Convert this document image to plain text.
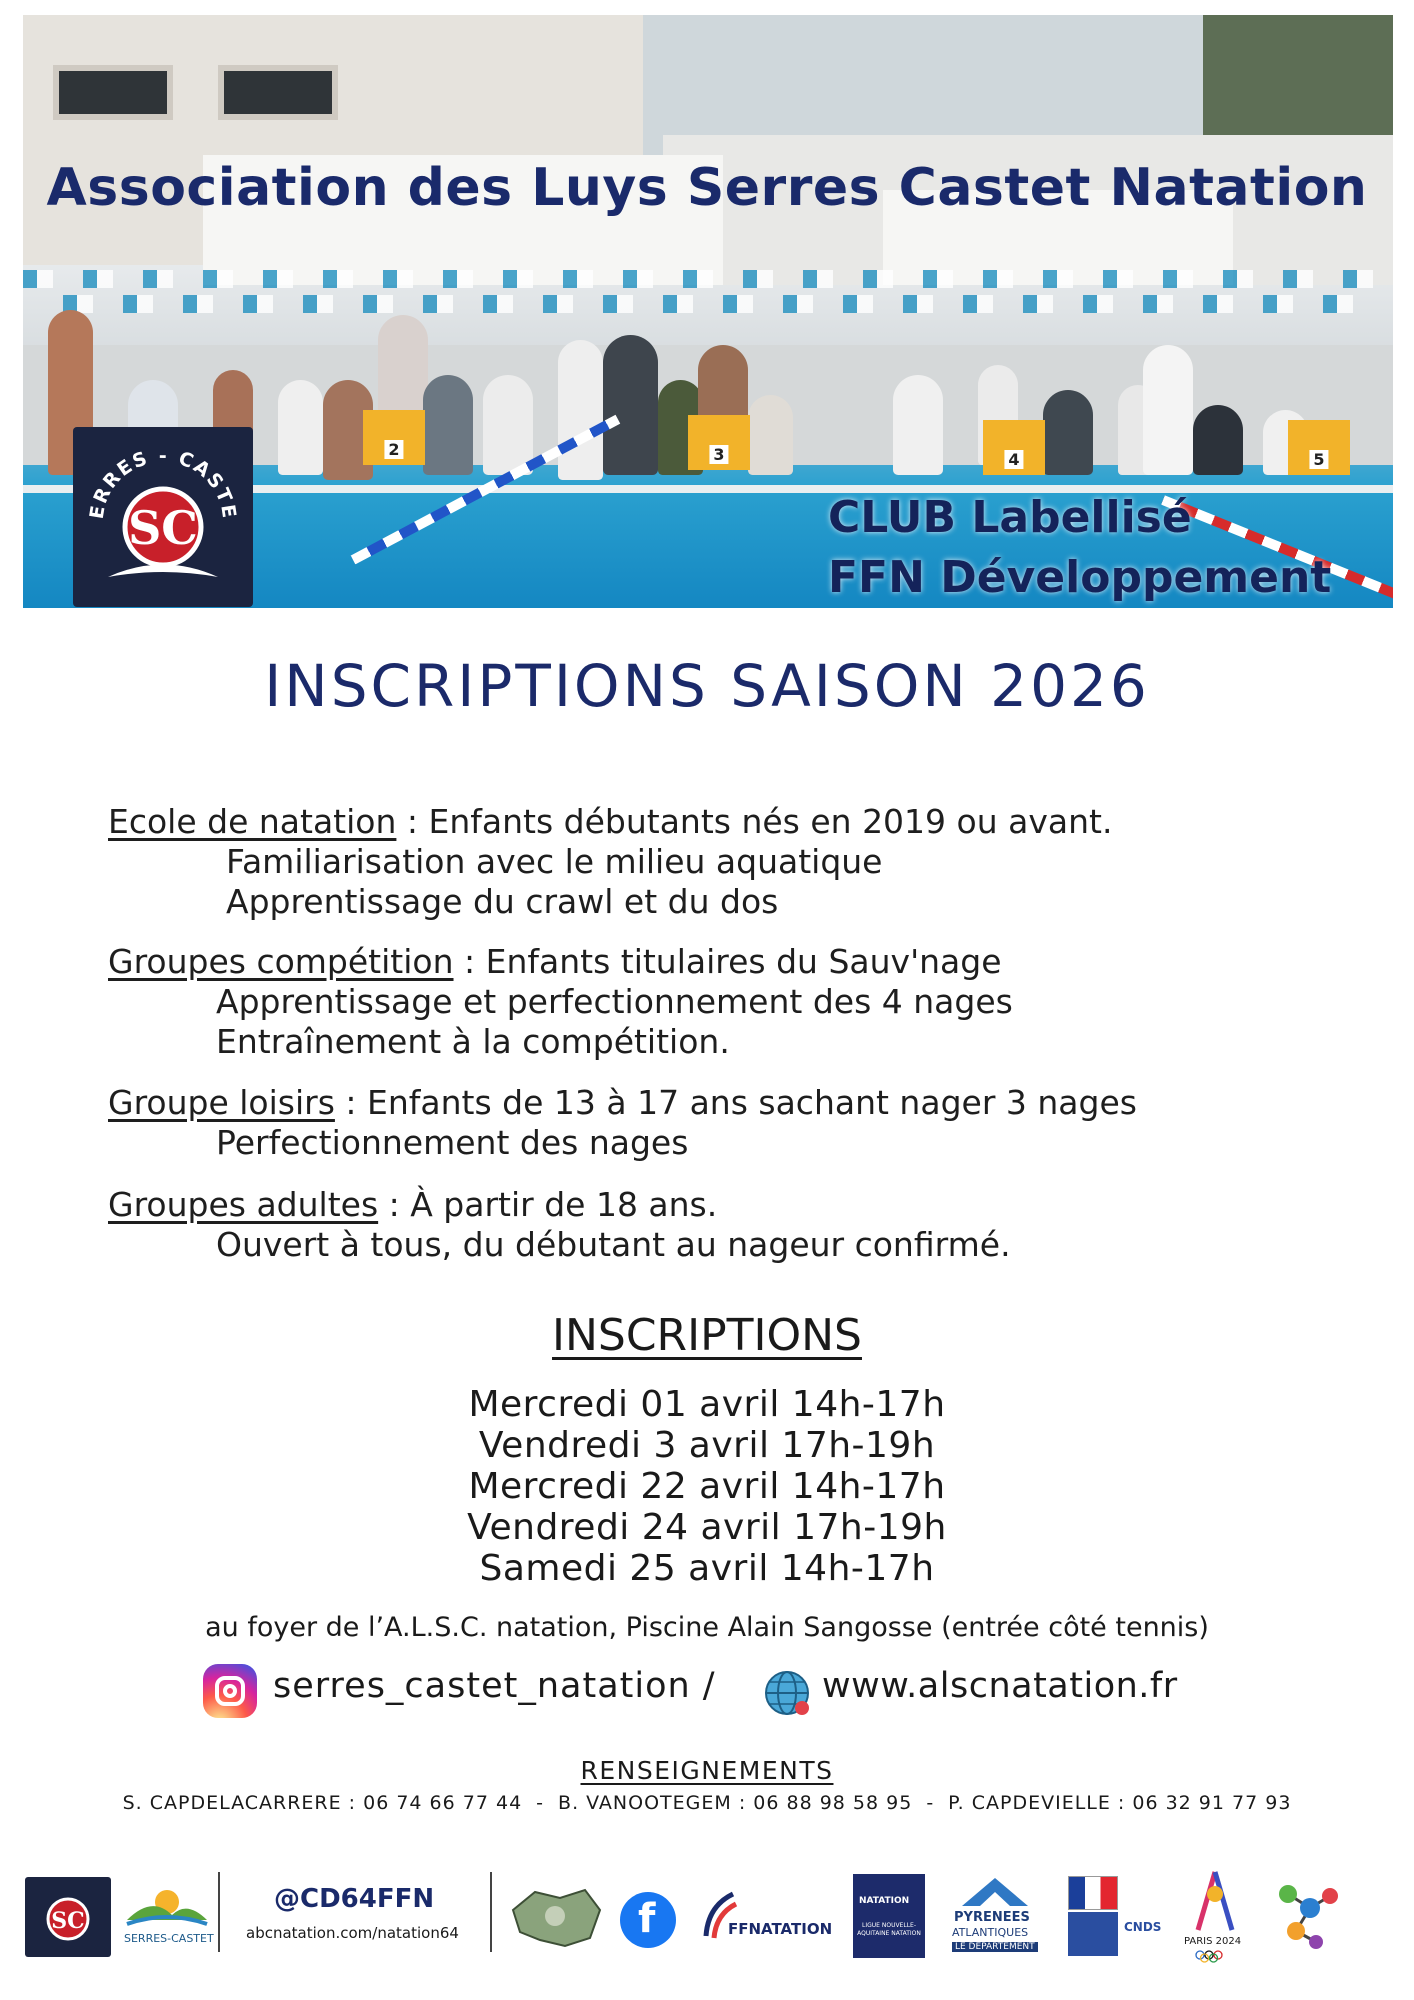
2	3	4	5
ERRES - CASTE
SC
Association des Luys Serres Castet Natation
CLUB Labellisé
FFN Développement
INSCRIPTIONS SAISON 2026
Ecole de natation : Enfants débutants nés en 2019 ou avant.
Familiarisation avec le milieu aquatique
Apprentissage du crawl et du dos
Groupes compétition : Enfants titulaires du Sauv'nage
Apprentissage et perfectionnement des 4 nages
Entraînement à la compétition.
Groupe loisirs : Enfants de 13 à 17 ans sachant nager 3 nages
Perfectionnement des nages
Groupes adultes : À partir de 18 ans.
Ouvert à tous, du débutant au nageur confirmé.
INSCRIPTIONS
Mercredi 01 avril 14h-17h
Vendredi 3 avril 17h-19h
Mercredi 22 avril 14h-17h
Vendredi 24 avril 17h-19h
Samedi 25 avril 14h-17h
au foyer de l’A.L.S.C. natation, Piscine Alain Sangosse (entrée côté tennis)
serres_castet_natation /	www.alscnatation.fr
RENSEIGNEMENTS
S. CAPDELACARRERE : 06 74 66 77 44 - B. VANOOTEGEM : 06 88 98 58 95 - P. CAPDEVIELLE : 06 32 91 77 93
SC
SERRES-CASTET
@CD64FFN
abcnatation.com/natation64	f	FFNATATION
NATATION
LIGUE NOUVELLE-AQUITAINE NATATION
PYRENEES
ATLANTIQUES
LE DÉPARTEMENT
CNDS
PARIS 2024
